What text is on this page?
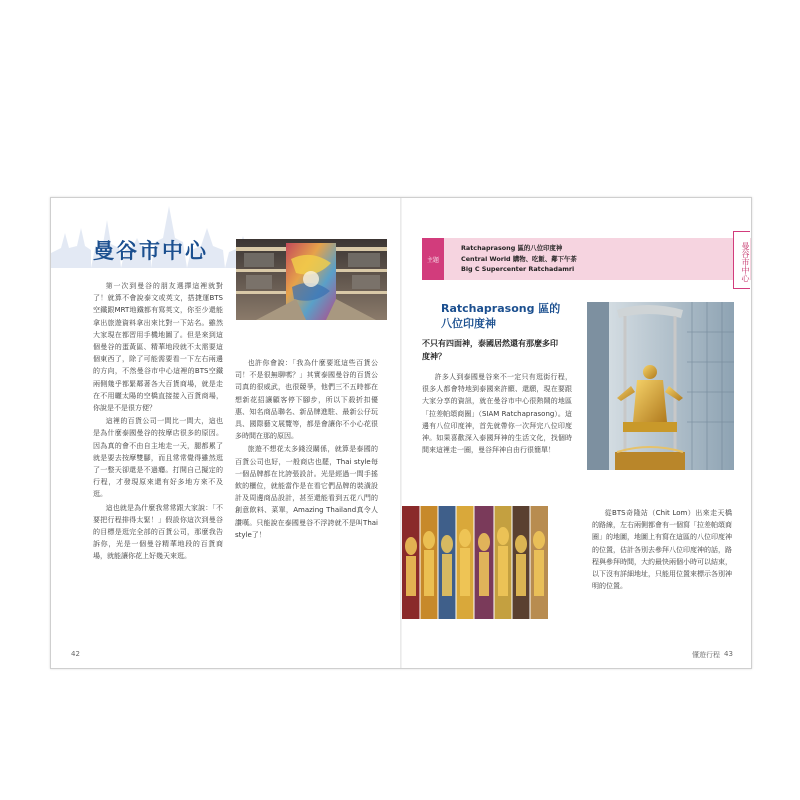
曼谷市中心

第一次到曼谷的朋友選擇這裡就對了！就算不會說泰文或英文，搭捷運BTS空鐵跟MRT地鐵都有寫英文，你至少還能拿出旅遊資料拿出來比對一下站名。雖然大家現在都習用手機地圖了。但是來到這個曼谷的蛋黃區、精華地段就不太需要這個東西了，除了可能需要看一下左右兩邊的方向，不然曼谷市中心這裡的BTS空鐵兩側幾乎都緊鄰著各大百貨商場，就是走在不用曬太陽的空橋直接接入百貨商場，你說是不是很方便？

這裡的百貨公司一間比一間大，這也是為什麼泰國曼谷的按摩店很多的原因。因為真的會不由自主地走一天，腿都累了就是要去按摩雙腳，而且常常覺得雖然逛了一整天卻還是不過癮。打開自己擬定的行程，才發現原來還有好多地方來不及逛。

這也就是為什麼我常常跟大家說：「不要把行程排得太緊！」假設你這次到曼谷的目標是逛完全部的百貨公司，那麼我告訴你，光是一個曼谷精華地段的百貨商場，就能讓你花上好幾天來逛。

也許你會說：「我為什麼要逛這些百貨公司！不是很無聊嗎？」其實泰國曼谷的百貨公司真的很威武，也很競爭，他們三不五時都在想新花招讓顧客停下腳步，所以下殺折扣優惠、知名商品聯名、新品牌進駐、最新公仔玩具、國際藝文展覽等，都是會讓你不小心花很多時間在那的原因。

旅遊不想花太多錢沒關係，就算是泰國的百貨公司也好，一般商店也罷，Thai style每一個品牌都在比誇張設計。光是經過一間手搖飲的櫃位，就能當作是在看它們品牌的裝潢設計及周邊商品設計，甚至還能看到五花八門的創意飲料、菜單，Amazing Thailand真令人讚嘆。只能說在泰國曼谷不浮誇就不是叫Thai style了！

42
主題
Ratchaprasong 區的八位印度神
Central World 購物、吃飯、鄰下午茶
Big C Supercenter Ratchadamri	曼谷市中心
Ratchaprasong 區的
八位印度神
不只有四面神，泰國居然還有那麼多印度神？

許多人到泰國曼谷來不一定只有逛街行程，很多人都會特地到泰國來許願、還願，現在要跟大家分享的資訊，就在曼谷市中心很熱鬧的地區「拉差帕頌商圈」（SIAM Ratchaprasong）。這邊有八位印度神，首先就帶你一次拜完八位印度神。如果喜歡深入泰國拜神的生活文化，找個時間來這裡走一圈，曼谷拜神自由行很簡單！

從BTS奇隆站（Chit Lom）出來走天橋的路線，左右兩側都會有一個寫「拉差帕頌商圈」的地圖，地圖上有寫在這區的八位印度神的位置，估計各別去參拜八位印度神的話，路程與參拜時間，大約最快兩個小時可以結束，以下沒有詳細地址，只能用位置來標示各別神明的位置。

懂遊行程 43
